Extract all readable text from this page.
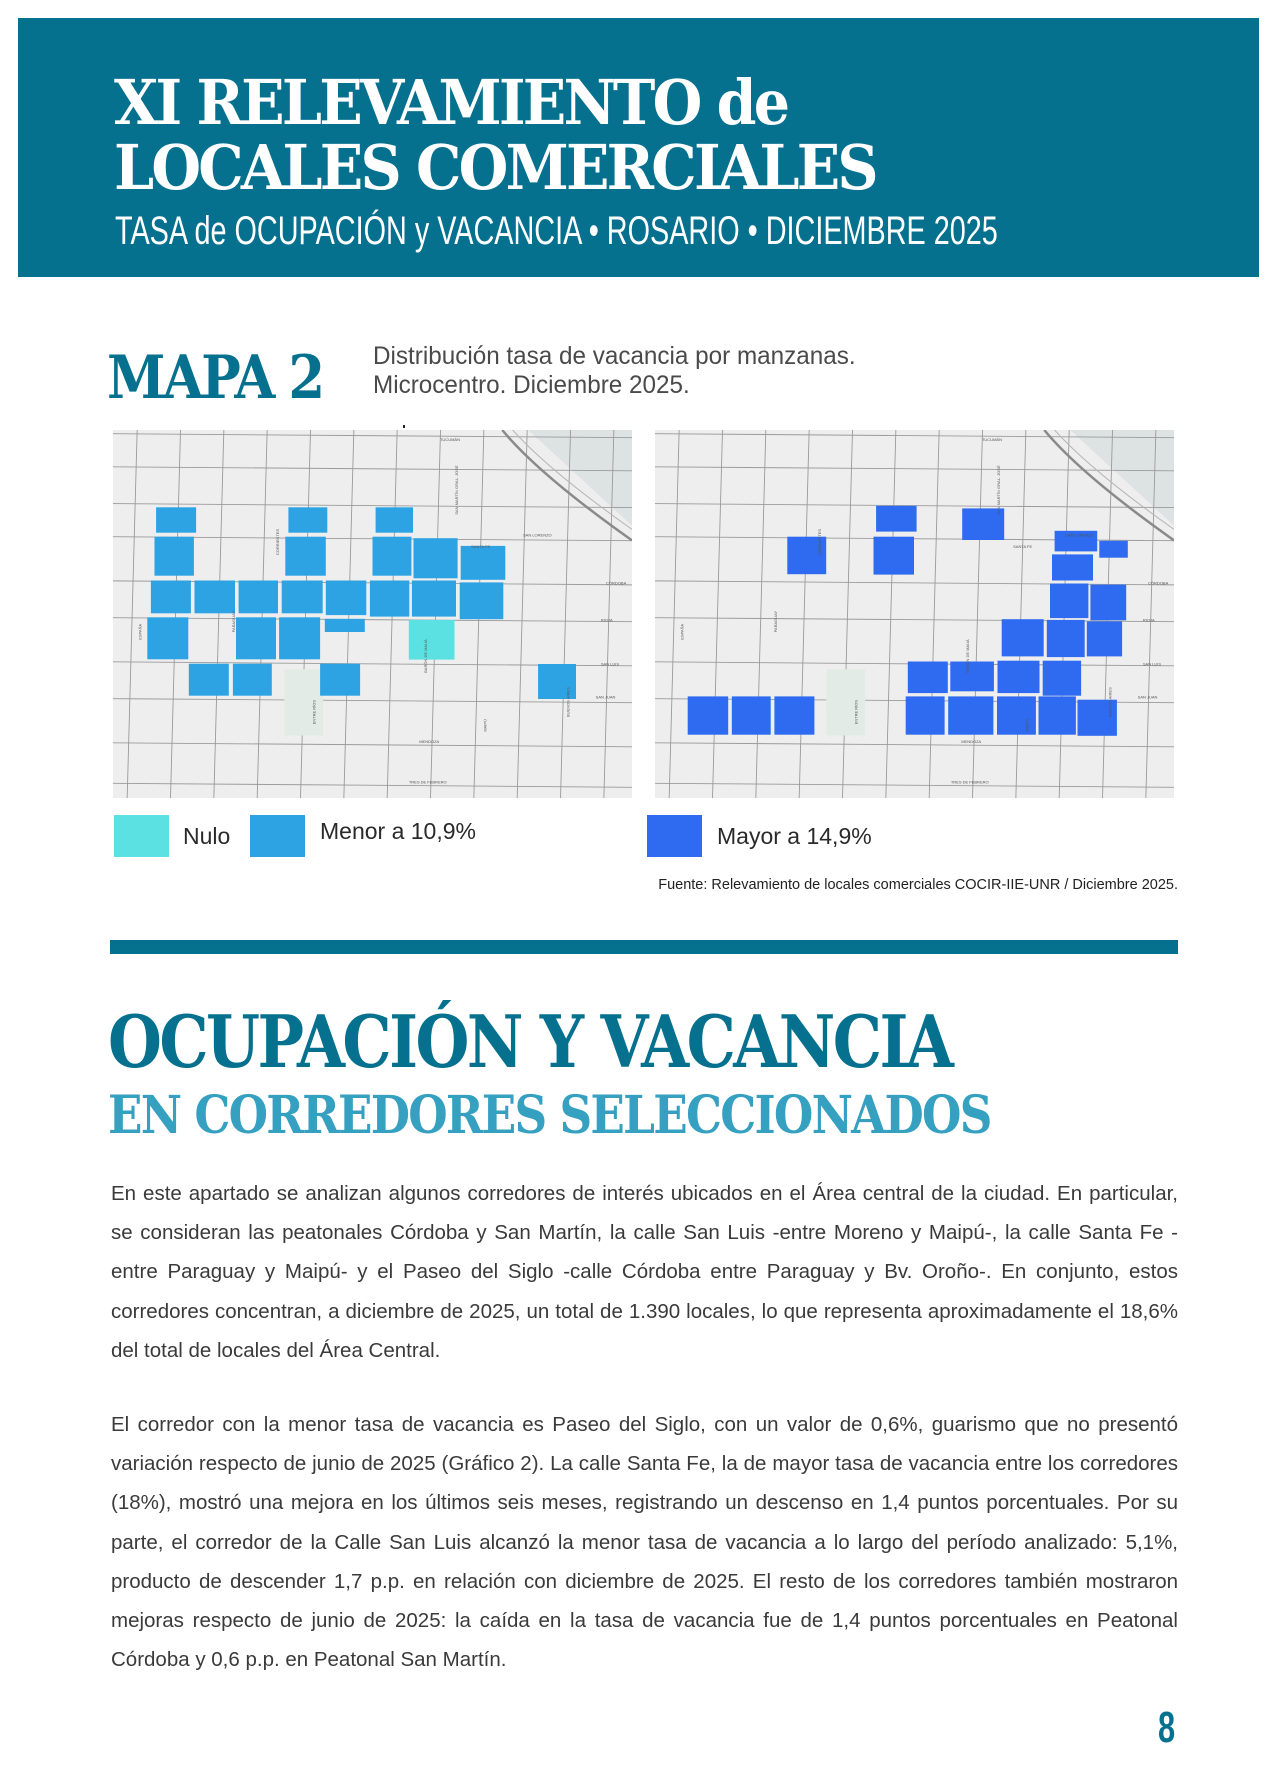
XI RELEVAMIENTO de
LOCALES COMERCIALES
TASA de OCUPACIÓN y VACANCIA • ROSARIO • DICIEMBRE 2025
MAPA 2 Distribución tasa de vacancia por manzanas.
Microcentro. Diciembre 2025.
TUCUMÁN
SAN LORENZO
SANTA FE
CÓRDOBA
RIOJA
SAN LUIS
SAN JUAN
MENDOZA
TRES DE FEBRERO
ESPAÑA	PARAGUAY
CORRIENTES
ENTRE RÍOS
SAN MARTÍN GRAL. JOSÉ
BARÓN DE MAUÁ
MAIPÚ
BUENOS AIRES
TUCUMÁN
SAN LORENZO
SANTA FE
CÓRDOBA
RIOJA
SAN LUIS
SAN JUAN
MENDOZA
TRES DE FEBRERO
ESPAÑA	PARAGUAY
CORRIENTES
ENTRE RÍOS
SAN MARTÍN GRAL. JOSÉ
BARÓN DE MAUÁ
MAIPÚ
BUENOS AIRES
Nulo	Menor a 10,9%	Mayor a 14,9%
Fuente: Relevamiento de locales comerciales COCIR-IIE-UNR / Diciembre 2025.
OCUPACIÓN Y VACANCIA
EN CORREDORES SELECCIONADOS
En este apartado se analizan algunos corredores de interés ubicados en el Área central de la ciudad. En particular, se consideran las peatonales Córdoba y San Martín, la calle San Luis -entre Moreno y Maipú-, la calle Santa Fe -entre Paraguay y Maipú- y el Paseo del Siglo -calle Córdoba entre Paraguay y Bv. Oroño-. En conjunto, estos corredores concentran, a diciembre de 2025, un total de 1.390 locales, lo que representa aproximadamente el 18,6% del total de locales del Área Central.
El corredor con la menor tasa de vacancia es Paseo del Siglo, con un valor de 0,6%, guarismo que no presentó variación respecto de junio de 2025 (Gráfico 2). La calle Santa Fe, la de mayor tasa de vacancia entre los corredores (18%), mostró una mejora en los últimos seis meses, registrando un descenso en 1,4 puntos porcentuales. Por su parte, el corredor de la Calle San Luis alcanzó la menor tasa de vacancia a lo largo del período analizado: 5,1%, producto de descender 1,7 p.p. en relación con diciembre de 2025. El resto de los corredores también mostraron mejoras respecto de junio de 2025: la caída en la tasa de vacancia fue de 1,4 puntos porcentuales en Peatonal Córdoba y 0,6 p.p. en Peatonal San Martín.
8
